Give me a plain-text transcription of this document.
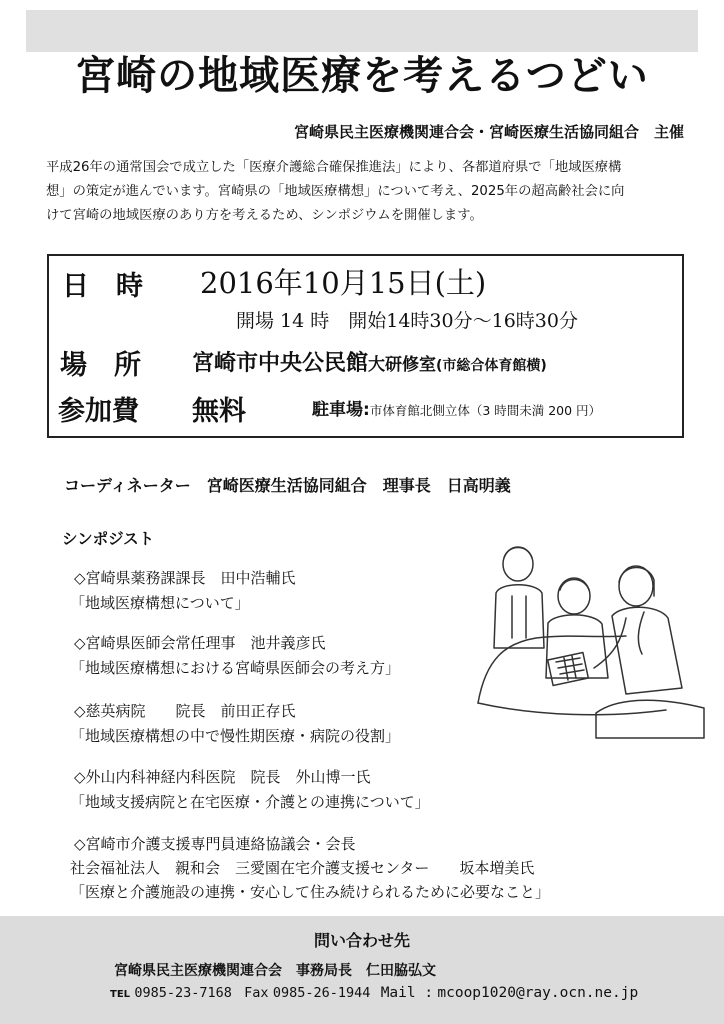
宮崎の地域医療を考えるつどい
宮崎県民主医療機関連合会・宮崎医療生活協同組合　主催
平成26年の通常国会で成立した「医療介護総合確保推進法」により、各都道府県で「地域医療構
想」の策定が進んでいます。宮崎県の「地域医療構想」について考え、2025年の超高齢社会に向
けて宮崎の地域医療のあり方を考えるため、シンポジウムを開催します。
日　時 2016年10月15日(土)
開場 14 時　開始14時30分～16時30分
場　所 宮崎市中央公民館大研修室(市総合体育館横)
参加費 無料	駐車場:市体育館北側立体（3 時間未満 200 円）
コーディネーター　宮崎医療生活協同組合　理事長　日高明義
シンポジスト
◇宮崎県薬務課課長　田中浩輔氏
「地域医療構想について」
◇宮崎県医師会常任理事　池井義彦氏
「地域医療構想における宮崎県医師会の考え方」
◇慈英病院　　院長　前田正存氏
「地域医療構想の中で慢性期医療・病院の役割」
◇外山内科神経内科医院　院長　外山博一氏
「地域支援病院と在宅医療・介護との連携について」
◇宮崎市介護支援専門員連絡協議会・会長
社会福祉法人　親和会　三愛園在宅介護支援センター　　坂本増美氏
「医療と介護施設の連携・安心して住み続けられるために必要なこと」
問い合わせ先
宮崎県民主医療機関連合会　事務局長　仁田脇弘文
TEL 0985-23-7168 Fax 0985-26-1944 Mail : mcoop1020@ray.ocn.ne.jp
